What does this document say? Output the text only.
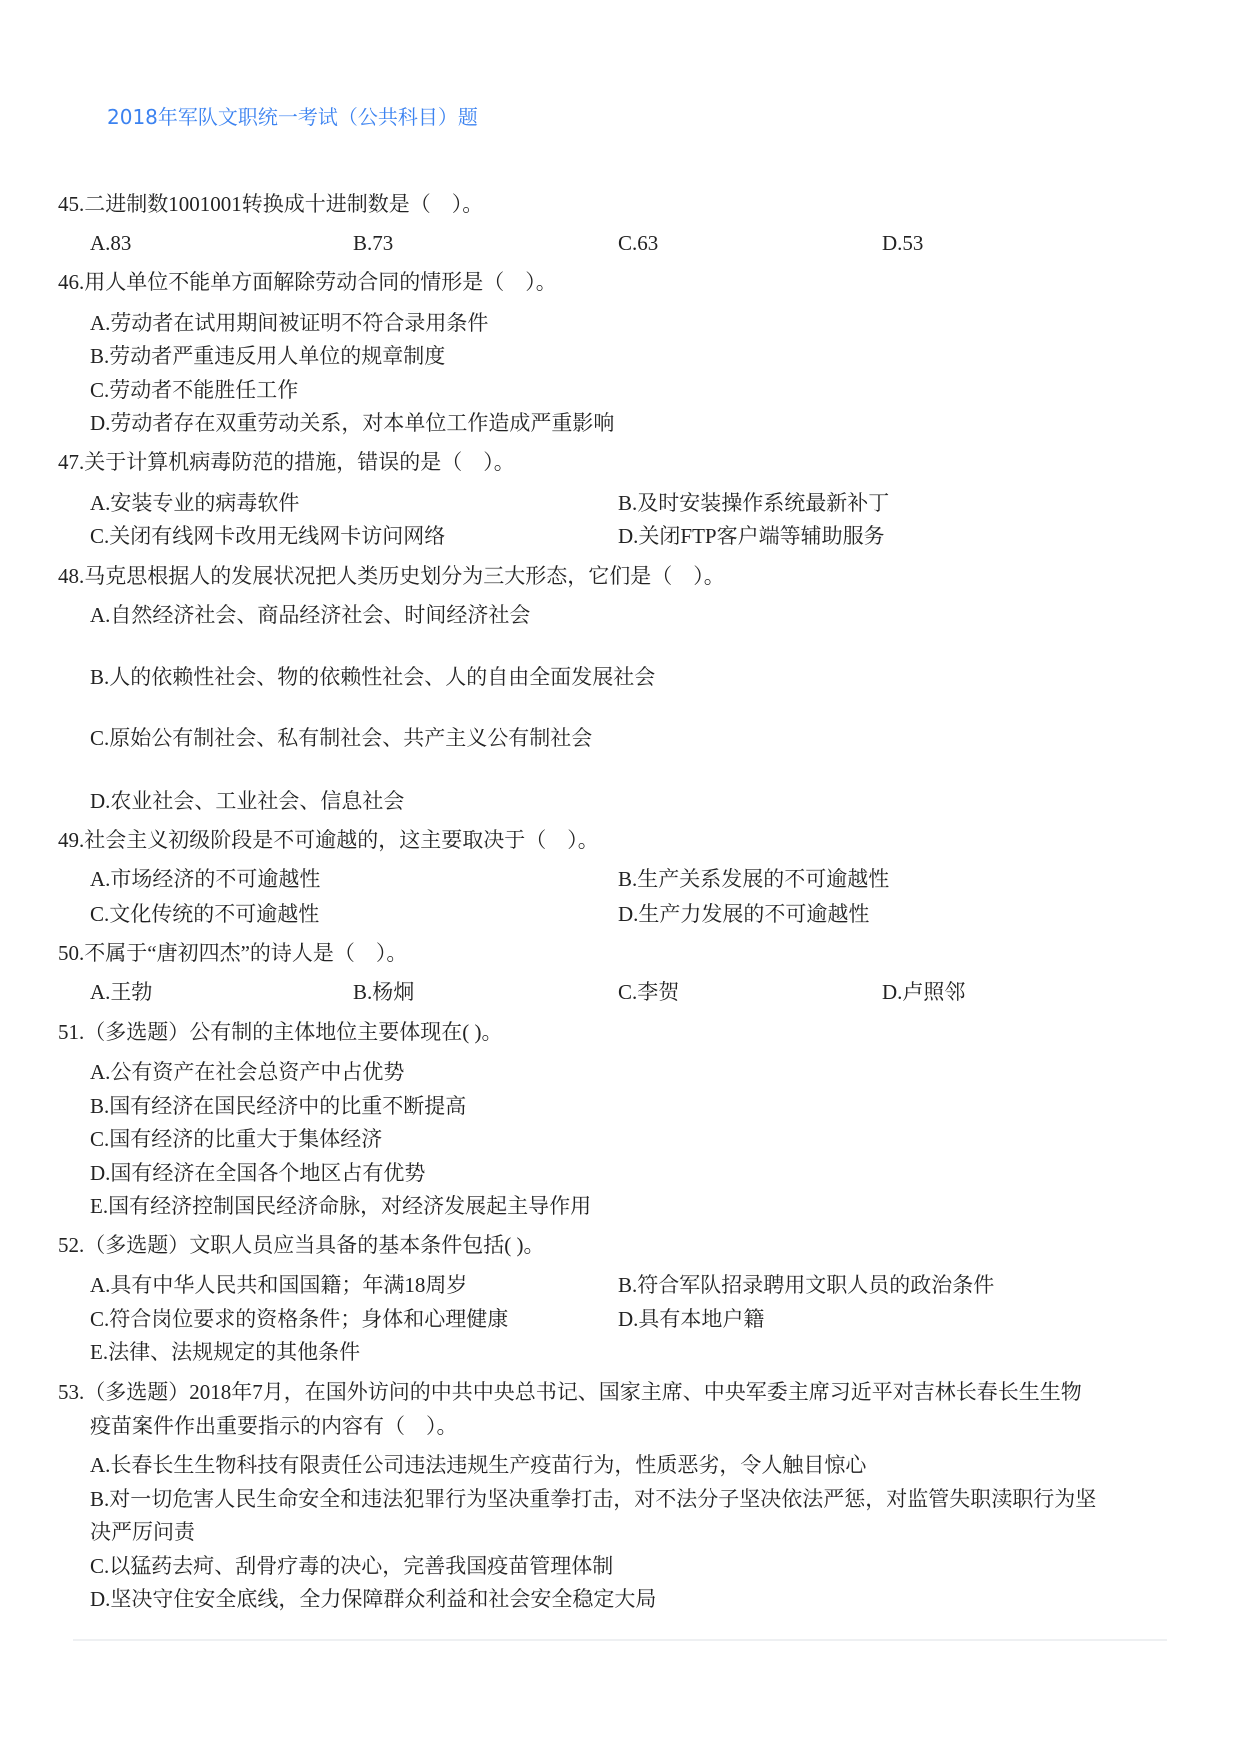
2018年军队文职统一考试（公共科目）题
45.二进制数1001001转换成十进制数是（　）。
A.83	B.73	C.63	D.53
46.用人单位不能单方面解除劳动合同的情形是（　）。
A.劳动者在试用期间被证明不符合录用条件
B.劳动者严重违反用人单位的规章制度
C.劳动者不能胜任工作
D.劳动者存在双重劳动关系，对本单位工作造成严重影响
47.关于计算机病毒防范的措施，错误的是（　）。
A.安装专业的病毒软件	B.及时安装操作系统最新补丁
C.关闭有线网卡改用无线网卡访问网络	D.关闭FTP客户端等辅助服务
48.马克思根据人的发展状况把人类历史划分为三大形态，它们是（　）。
A.自然经济社会、商品经济社会、时间经济社会
B.人的依赖性社会、物的依赖性社会、人的自由全面发展社会
C.原始公有制社会、私有制社会、共产主义公有制社会
D.农业社会、工业社会、信息社会
49.社会主义初级阶段是不可逾越的，这主要取决于（　）。
A.市场经济的不可逾越性	B.生产关系发展的不可逾越性
C.文化传统的不可逾越性	D.生产力发展的不可逾越性
50.不属于“唐初四杰”的诗人是（　）。
A.王勃	B.杨炯	C.李贺	D.卢照邻
51.（多选题）公有制的主体地位主要体现在( )。
A.公有资产在社会总资产中占优势
B.国有经济在国民经济中的比重不断提高
C.国有经济的比重大于集体经济
D.国有经济在全国各个地区占有优势
E.国有经济控制国民经济命脉，对经济发展起主导作用
52.（多选题）文职人员应当具备的基本条件包括( )。
A.具有中华人民共和国国籍；年满18周岁	B.符合军队招录聘用文职人员的政治条件
C.符合岗位要求的资格条件；身体和心理健康	D.具有本地户籍
E.法律、法规规定的其他条件
53.（多选题）2018年7月，在国外访问的中共中央总书记、国家主席、中央军委主席习近平对吉林长春长生生物
疫苗案件作出重要指示的内容有（　）。
A.长春长生生物科技有限责任公司违法违规生产疫苗行为，性质恶劣，令人触目惊心
B.对一切危害人民生命安全和违法犯罪行为坚决重拳打击，对不法分子坚决依法严惩，对监管失职渎职行为坚
决严厉问责
C.以猛药去疴、刮骨疗毒的决心，完善我国疫苗管理体制
D.坚决守住安全底线，全力保障群众利益和社会安全稳定大局
